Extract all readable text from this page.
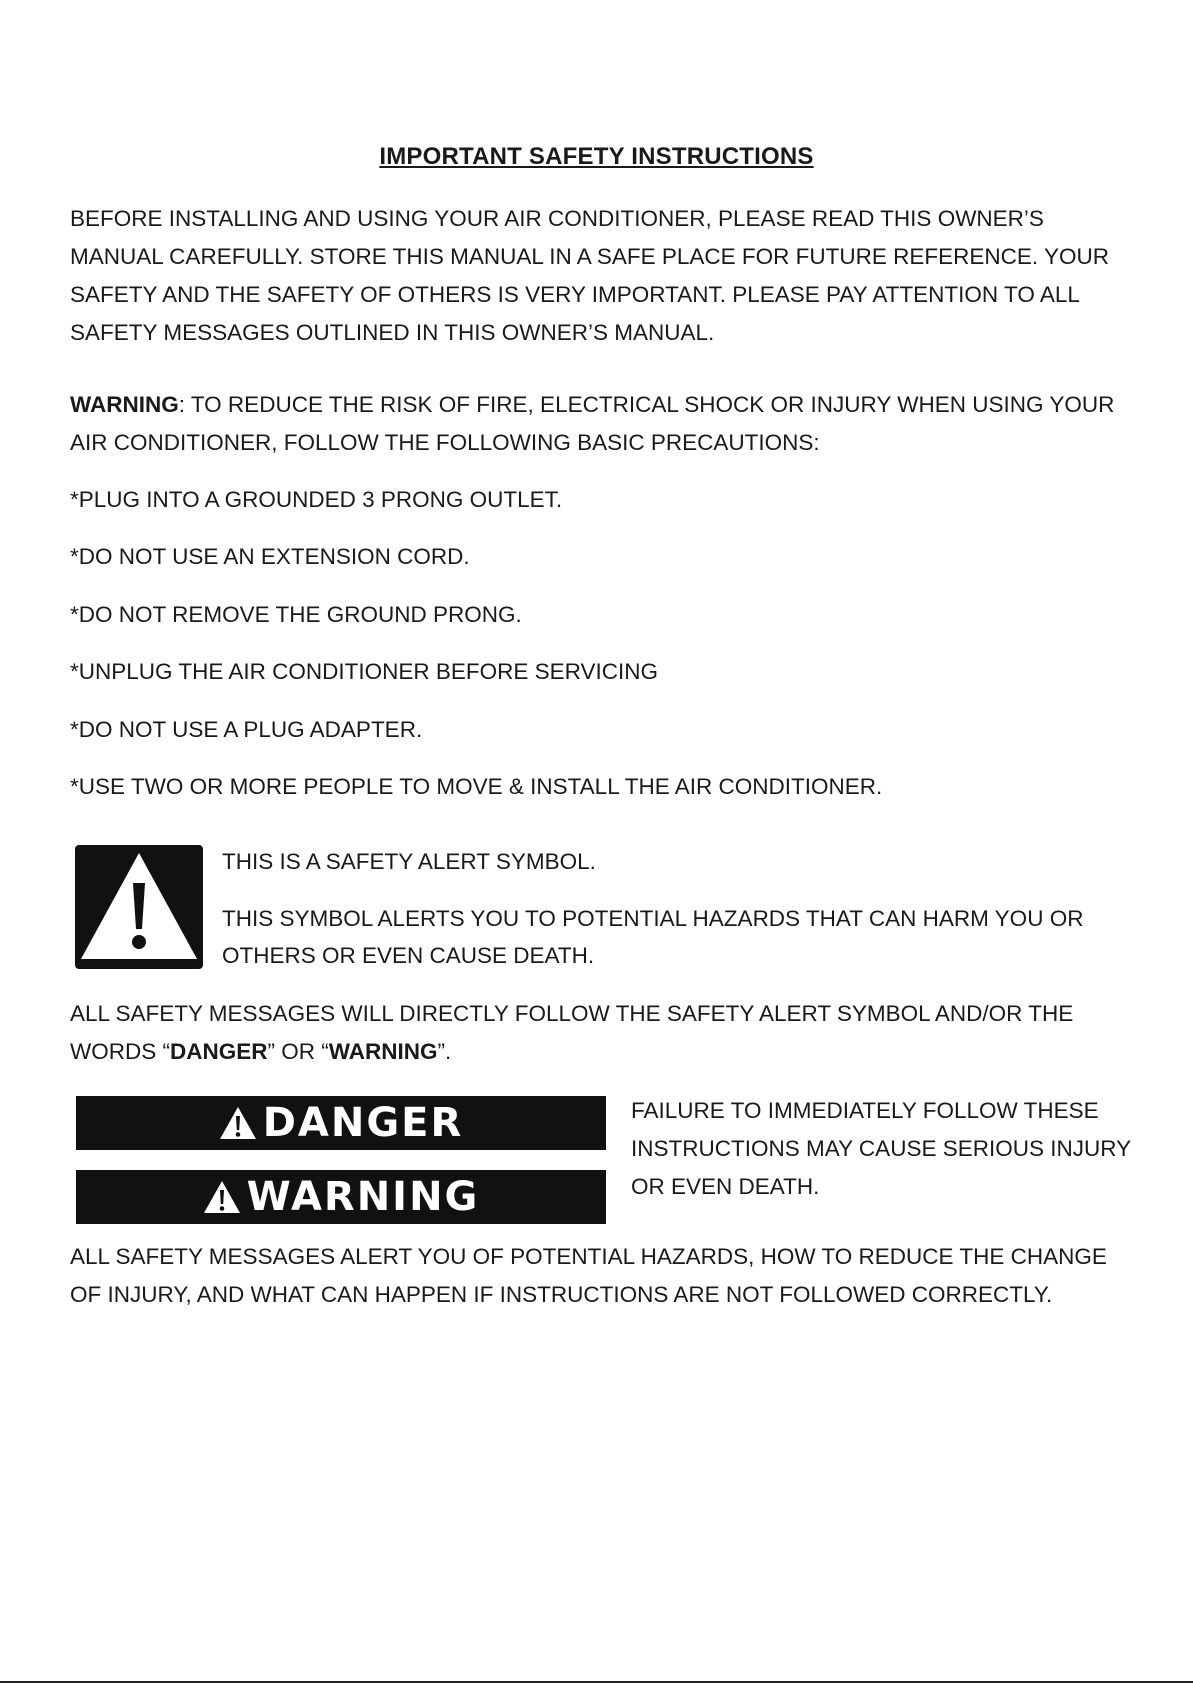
IMPORTANT SAFETY INSTRUCTIONS

BEFORE INSTALLING AND USING YOUR AIR CONDITIONER, PLEASE READ THIS OWNER’S

MANUAL CAREFULLY. STORE THIS MANUAL IN A SAFE PLACE FOR FUTURE REFERENCE. YOUR

SAFETY AND THE SAFETY OF OTHERS IS VERY IMPORTANT. PLEASE PAY ATTENTION TO ALL

SAFETY MESSAGES OUTLINED IN THIS OWNER’S MANUAL.

WARNING: TO REDUCE THE RISK OF FIRE, ELECTRICAL SHOCK OR INJURY WHEN USING YOUR

AIR CONDITIONER, FOLLOW THE FOLLOWING BASIC PRECAUTIONS:

*PLUG INTO A GROUNDED 3 PRONG OUTLET.
*DO NOT USE AN EXTENSION CORD.
*DO NOT REMOVE THE GROUND PRONG.
*UNPLUG THE AIR CONDITIONER BEFORE SERVICING
*DO NOT USE A PLUG ADAPTER.
*USE TWO OR MORE PEOPLE TO MOVE & INSTALL THE AIR CONDITIONER.
THIS IS A SAFETY ALERT SYMBOL.
THIS SYMBOL ALERTS YOU TO POTENTIAL HAZARDS THAT CAN HARM YOU OR
OTHERS OR EVEN CAUSE DEATH.

ALL SAFETY MESSAGES WILL DIRECTLY FOLLOW THE SAFETY ALERT SYMBOL AND/OR THE

WORDS “DANGER” OR “WARNING”.

DANGER
WARNING

FAILURE TO IMMEDIATELY FOLLOW THESE

INSTRUCTIONS MAY CAUSE SERIOUS INJURY

OR EVEN DEATH.

ALL SAFETY MESSAGES ALERT YOU OF POTENTIAL HAZARDS, HOW TO REDUCE THE CHANGE

OF INJURY, AND WHAT CAN HAPPEN IF INSTRUCTIONS ARE NOT FOLLOWED CORRECTLY.
